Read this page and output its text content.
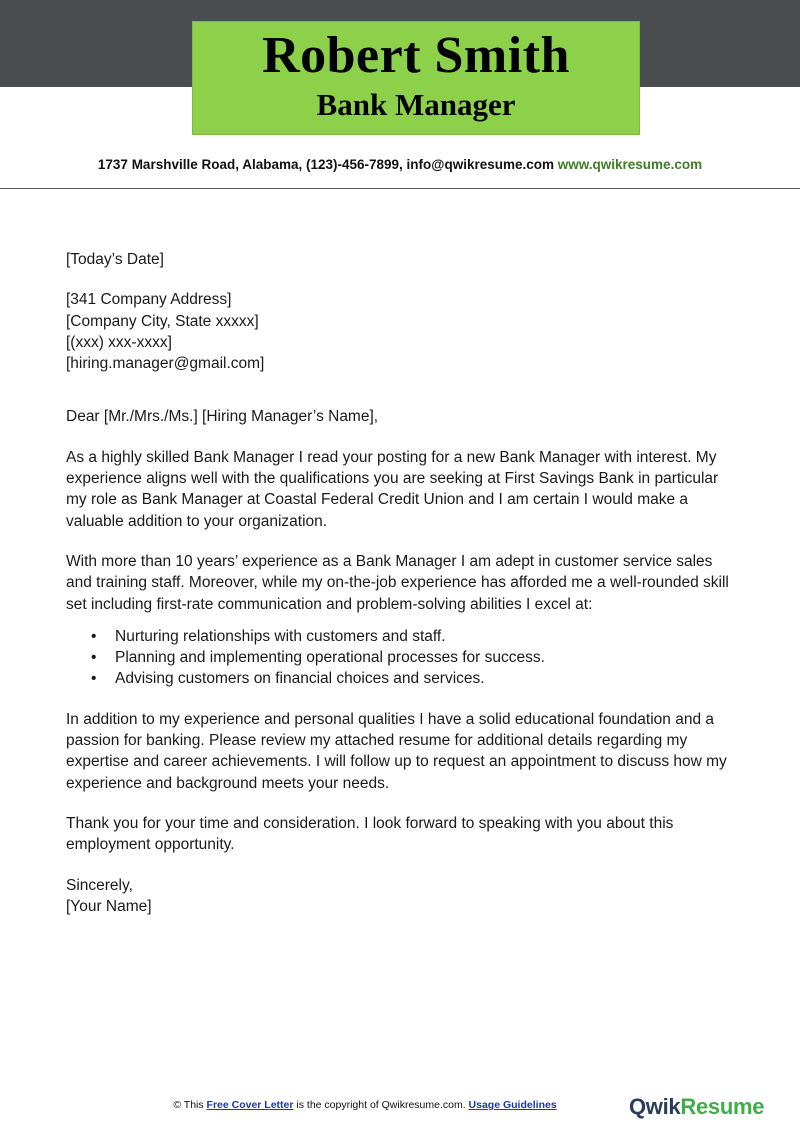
Robert Smith
Bank Manager
1737 Marshville Road, Alabama, (123)-456-7899, info@qwikresume.com www.qwikresume.com

[Today’s Date]

[341 Company Address]

[Company City, State xxxxx]

[(xxx) xxx-xxxx]

[hiring.manager@gmail.com]

Dear [Mr./Mrs./Ms.] [Hiring Manager’s Name],

As a highly skilled Bank Manager I read your posting for a new Bank Manager with interest. My experience aligns well with the qualifications you are seeking at First Savings Bank in particular my role as Bank Manager at Coastal Federal Credit Union and I am certain I would make a valuable addition to your organization.

With more than 10 years’ experience as a Bank Manager I am adept in customer service sales and training staff. Moreover, while my on-the-job experience has afforded me a well-rounded skill set including first-rate communication and problem-solving abilities I excel at:

• Nurturing relationships with customers and staff.
• Planning and implementing operational processes for success.
• Advising customers on financial choices and services.

In addition to my experience and personal qualities I have a solid educational foundation and a passion for banking. Please review my attached resume for additional details regarding my expertise and career achievements. I will follow up to request an appointment to discuss how my experience and background meets your needs.

Thank you for your time and consideration. I look forward to speaking with you about this employment opportunity.

Sincerely,

[Your Name]

© This Free Cover Letter is the copyright of Qwikresume.com. Usage Guidelines	QwikResume
